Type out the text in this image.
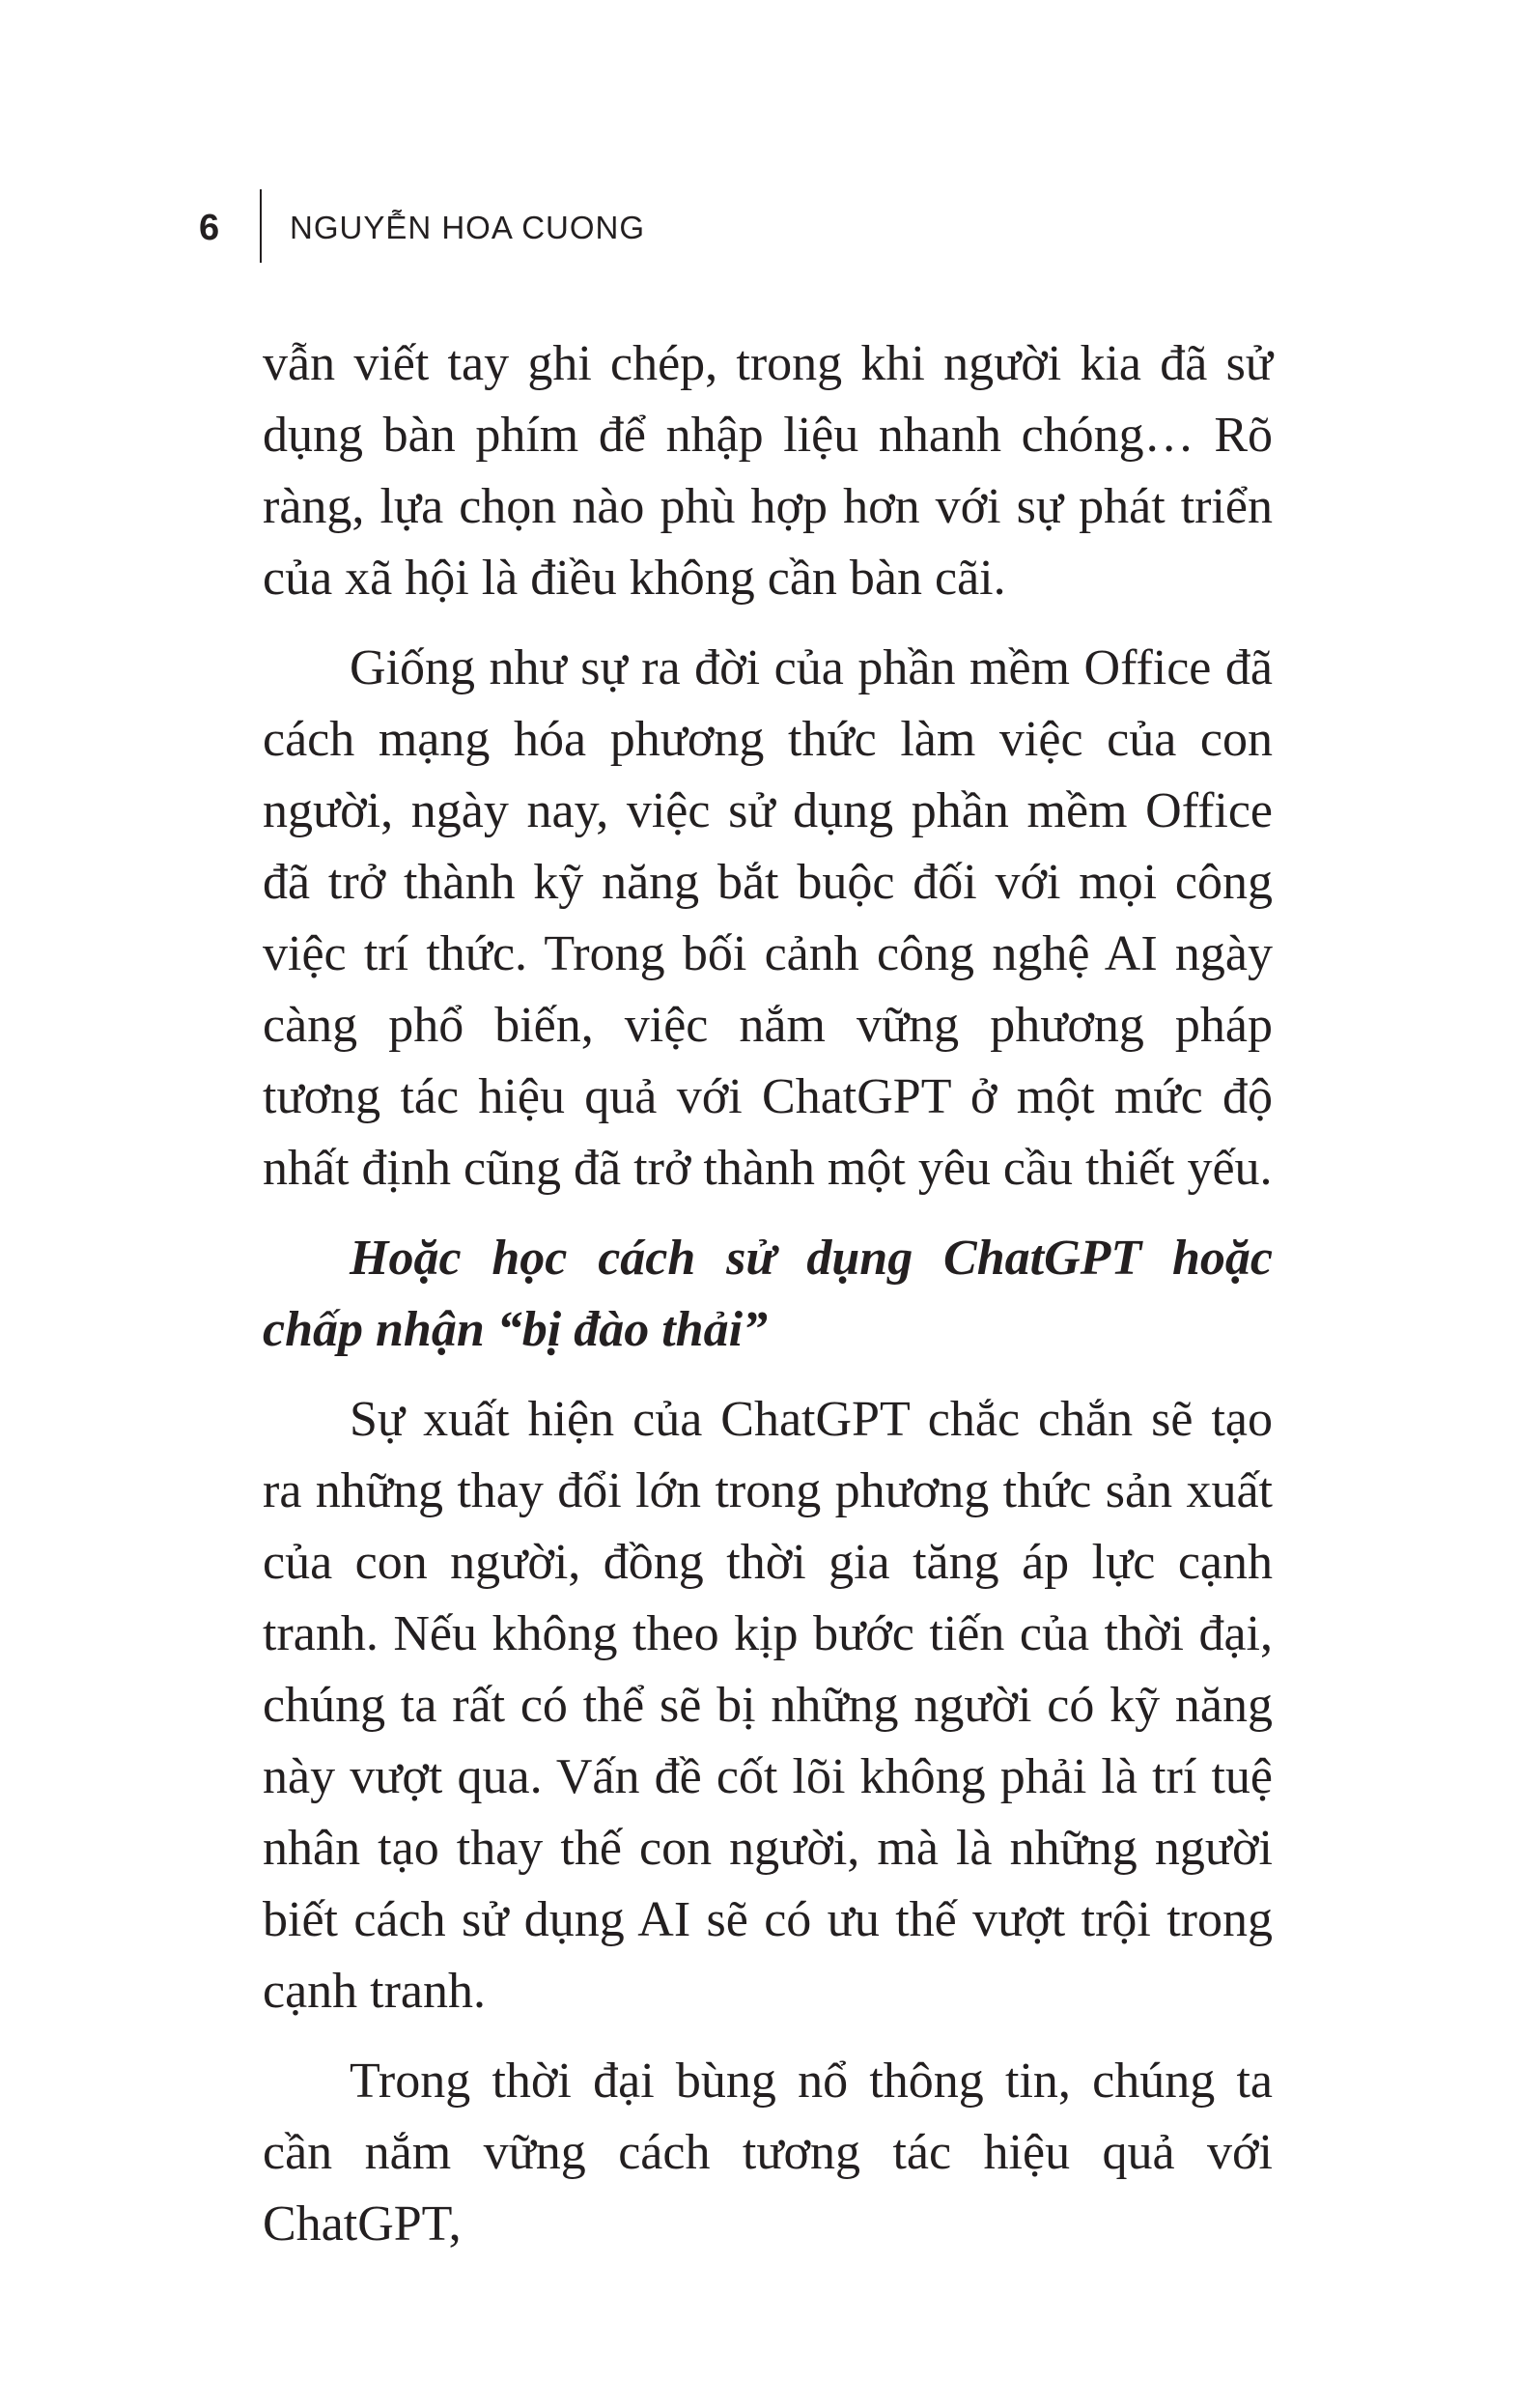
6 NGUYỄN HOA CUONG

vẫn viết tay ghi chép, trong khi người kia đã sử dụng bàn phím để nhập liệu nhanh chóng… Rõ ràng, lựa chọn nào phù hợp hơn với sự phát triển của xã hội là điều không cần bàn cãi.

Giống như sự ra đời của phần mềm Office đã cách mạng hóa phương thức làm việc của con người, ngày nay, việc sử dụng phần mềm Office đã trở thành kỹ năng bắt buộc đối với mọi công việc trí thức. Trong bối cảnh công nghệ AI ngày càng phổ biến, việc nắm vững phương pháp tương tác hiệu quả với ChatGPT ở một mức độ nhất định cũng đã trở thành một yêu cầu thiết yếu.

Hoặc học cách sử dụng ChatGPT hoặc chấp nhận “bị đào thải”

Sự xuất hiện của ChatGPT chắc chắn sẽ tạo ra những thay đổi lớn trong phương thức sản xuất của con người, đồng thời gia tăng áp lực cạnh tranh. Nếu không theo kịp bước tiến của thời đại, chúng ta rất có thể sẽ bị những người có kỹ năng này vượt qua. Vấn đề cốt lõi không phải là trí tuệ nhân tạo thay thế con người, mà là những người biết cách sử dụng AI sẽ có ưu thế vượt trội trong cạnh tranh.

Trong thời đại bùng nổ thông tin, chúng ta cần nắm vững cách tương tác hiệu quả với ChatGPT,
